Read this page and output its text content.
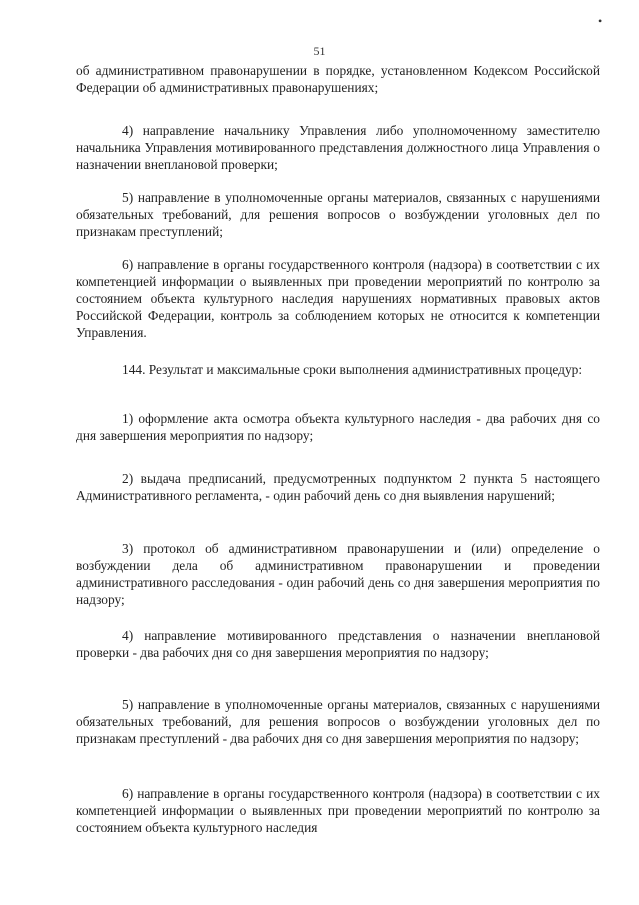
•
51

об административном правонарушении в порядке, установленном Кодексом Российской Федерации об административных правонарушениях;

4) направление начальнику Управления либо уполномоченному заместителю начальника Управления мотивированного представления должностного лица Управления о назначении внеплановой проверки;

5) направление в уполномоченные органы материалов, связанных с нарушениями обязательных требований, для решения вопросов о возбуждении уголовных дел по признакам преступлений;

6) направление в органы государственного контроля (надзора) в соответствии с их компетенцией информации о выявленных при проведении мероприятий по контролю за состоянием объекта культурного наследия нарушениях нормативных правовых актов Российской Федерации, контроль за соблюдением которых не относится к компетенции Управления.

144. Результат и максимальные сроки выполнения административных процедур:

1) оформление акта осмотра объекта культурного наследия - два рабочих дня со дня завершения мероприятия по надзору;

2) выдача предписаний, предусмотренных подпунктом 2 пункта 5 настоящего Административного регламента, - один рабочий день со дня выявления нарушений;

3) протокол об административном правонарушении и (или) определение о возбуждении дела об административном правонарушении и проведении административного расследования - один рабочий день со дня завершения мероприятия по надзору;

4) направление мотивированного представления о назначении внеплановой проверки - два рабочих дня со дня завершения мероприятия по надзору;

5) направление в уполномоченные органы материалов, связанных с нарушениями обязательных требований, для решения вопросов о возбуждении уголовных дел по признакам преступлений - два рабочих дня со дня завершения мероприятия по надзору;

6) направление в органы государственного контроля (надзора) в соответствии с их компетенцией информации о выявленных при проведении мероприятий по контролю за состоянием объекта культурного наследия
